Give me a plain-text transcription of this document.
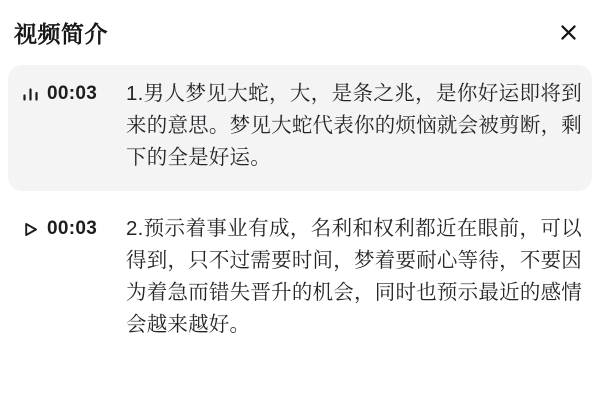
视频简介
00:03 1.男人梦见大蛇，大，是条之兆，是你好运即将到来的意思。梦见大蛇代表你的烦恼就会被剪断，剩下的全是好运。

00:03 2.预示着事业有成，名利和权利都近在眼前，可以得到，只不过需要时间，梦着要耐心等待，不要因为着急而错失晋升的机会，同时也预示最近的感情会越来越好。
